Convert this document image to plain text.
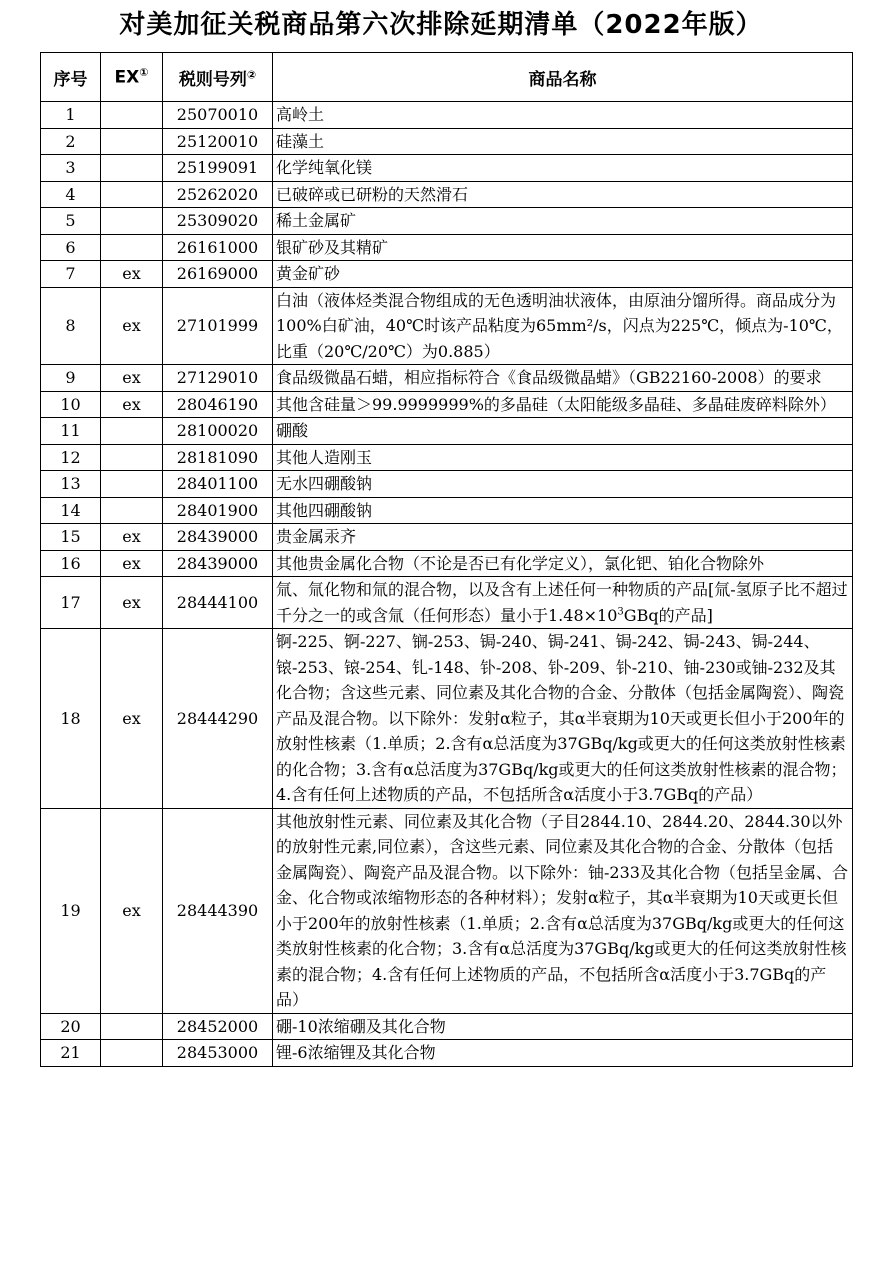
对美加征关税商品第六次排除延期清单（2022年版）
序号	EX①	税则号列②	商品名称
1		25070010	高岭土
2		25120010	硅藻土
3		25199091	化学纯氧化镁
4		25262020	已破碎或已研粉的天然滑石
5		25309020	稀土金属矿
6		26161000	银矿砂及其精矿
7	ex	26169000	黄金矿砂
8	ex	27101999	白油（液体烃类混合物组成的无色透明油状液体，由原油分馏所得。商品成分为100%白矿油，40℃时该产品粘度为65mm²/s，闪点为225℃，倾点为-10℃，比重（20℃/20℃）为0.885）
9	ex	27129010	食品级微晶石蜡，相应指标符合《食品级微晶蜡》（GB22160-2008）的要求
10	ex	28046190	其他含硅量＞99.9999999%的多晶硅（太阳能级多晶硅、多晶硅废碎料除外）
11		28100020	硼酸
12		28181090	其他人造刚玉
13		28401100	无水四硼酸钠
14		28401900	其他四硼酸钠
15	ex	28439000	贵金属汞齐
16	ex	28439000	其他贵金属化合物（不论是否已有化学定义），氯化钯、铂化合物除外
17	ex	28444100	氚、氚化物和氚的混合物，以及含有上述任何一种物质的产品[氚-氢原子比不超过千分之一的或含氚（任何形态）量小于$1.48\times 10^3GBq$的产品]
18	ex	28444290	锕-225、锕-227、锎-253、锔-240、锔-241、锔-242、锔-243、锔-244、锿-253、锿-254、钆-148、钋-208、钋-209、钋-210、铀-230或铀-232及其化合物；含这些元素、同位素及其化合物的合金、分散体（包括金属陶瓷）、陶瓷产品及混合物。以下除外：发射α粒子，其α半衰期为10天或更长但小于200年的放射性核素（1.单质；2.含有α总活度为37GBq/kg或更大的任何这类放射性核素的化合物；3.含有α总活度为37GBq/kg或更大的任何这类放射性核素的混合物；4.含有任何上述物质的产品，不包括所含α活度小于3.7GBq的产品）
19	ex	28444390	其他放射性元素、同位素及其化合物（子目2844.10、2844.20、2844.30以外的放射性元素,同位素），含这些元素、同位素及其化合物的合金、分散体（包括金属陶瓷）、陶瓷产品及混合物。以下除外：铀-233及其化合物（包括呈金属、合金、化合物或浓缩物形态的各种材料）；发射α粒子，其α半衰期为10天或更长但小于200年的放射性核素（1.单质；2.含有α总活度为37GBq/kg或更大的任何这类放射性核素的化合物；3.含有α总活度为37GBq/kg或更大的任何这类放射性核素的混合物；4.含有任何上述物质的产品，不包括所含α活度小于3.7GBq的产品）
20		28452000	硼-10浓缩硼及其化合物
21		28453000	锂-6浓缩锂及其化合物
